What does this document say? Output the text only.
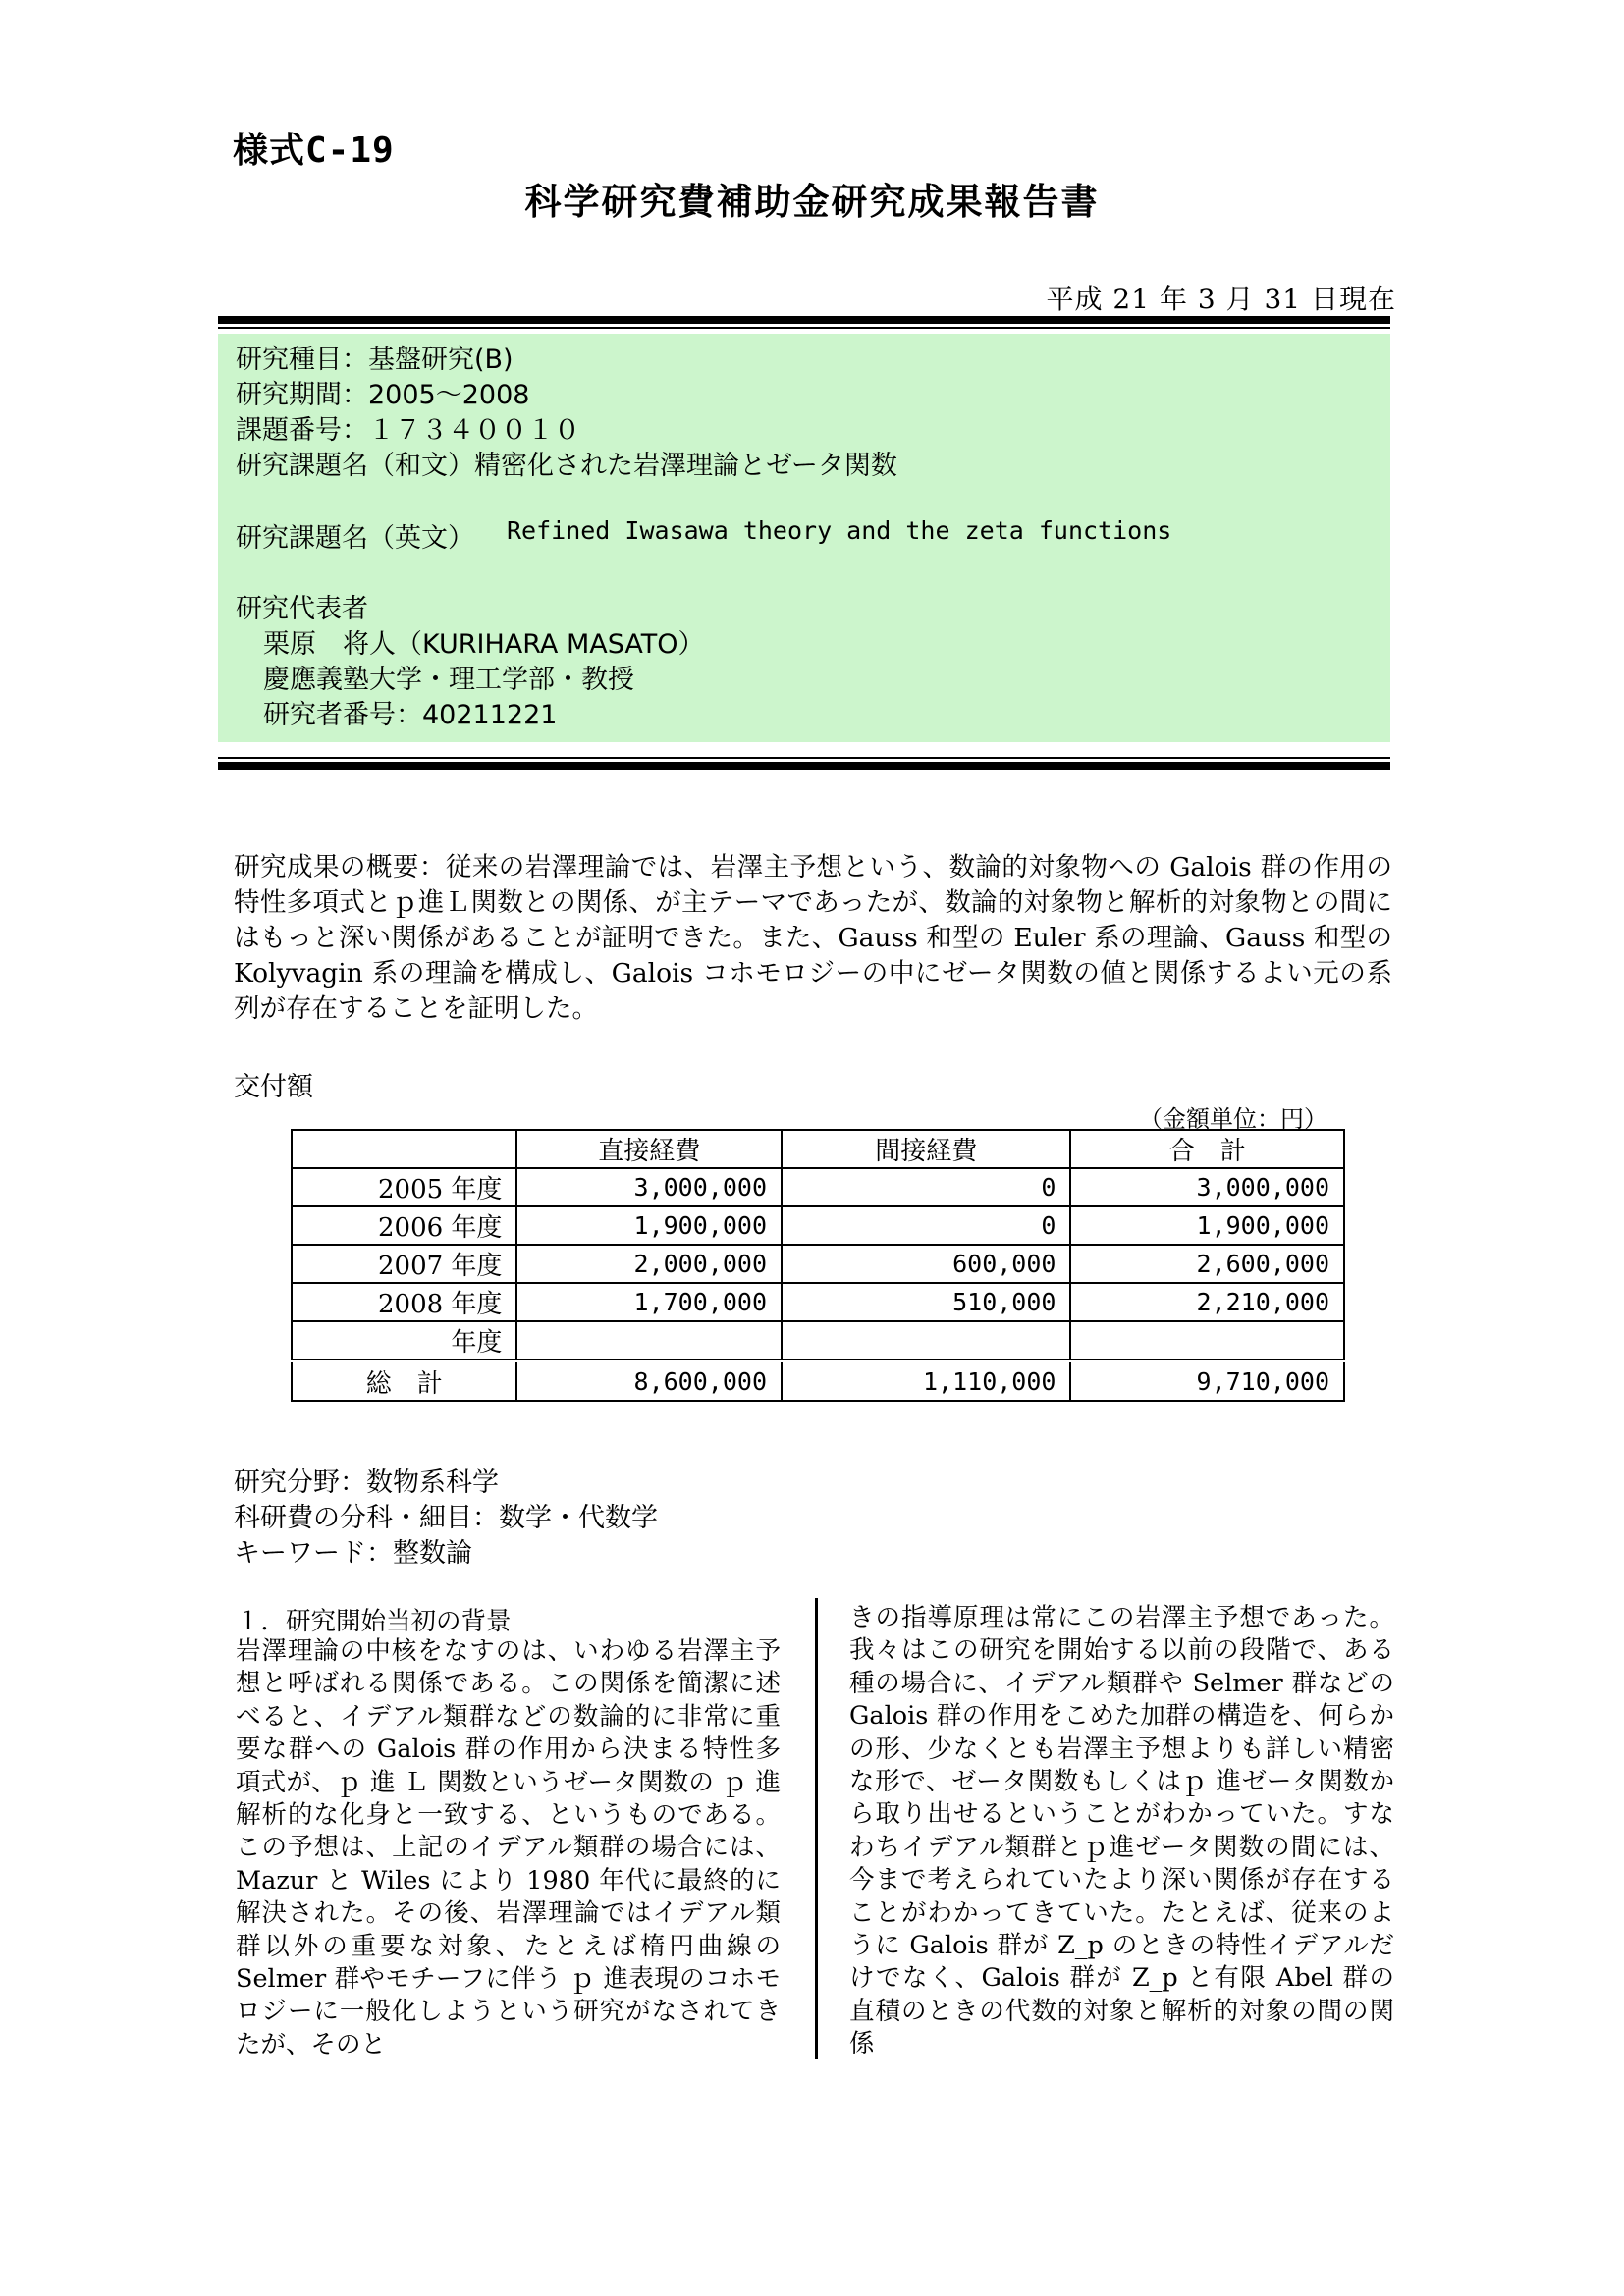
様式C-19
科学研究費補助金研究成果報告書
平成 21 年 3 月 31 日現在
研究種目：基盤研究(B)
研究期間：2005～2008
課題番号：１７３４００１０
研究課題名（和文）精密化された岩澤理論とゼータ関数
研究課題名（英文） Refined Iwasawa theory and the zeta functions
研究代表者
栗原　将人（KURIHARA MASATO）
慶應義塾大学・理工学部・教授
研究者番号：40211221
研究成果の概要：従来の岩澤理論では、岩澤主予想という、数論的対象物への Galois 群の作用の特性多項式とｐ進Ｌ関数との関係、が主テーマであったが、数論的対象物と解析的対象物との間にはもっと深い関係があることが証明できた。また、Gauss 和型の Euler 系の理論、Gauss 和型の Kolyvagin 系の理論を構成し、Galois コホモロジーの中にゼータ関数の値と関係するよい元の系列が存在することを証明した。
交付額
（金額単位：円）
	直接経費	間接経費	合　計
2005 年度	3,000,000	0	3,000,000
2006 年度	1,900,000	0	1,900,000
2007 年度	2,000,000	600,000	2,600,000
2008 年度	1,700,000	510,000	2,210,000
年度			
総　計	8,600,000	1,110,000	9,710,000
研究分野：数物系科学
科研費の分科・細目：数学・代数学
キーワード：整数論
１．研究開始当初の背景
岩澤理論の中核をなすのは、いわゆる岩澤主予想と呼ばれる関係である。この関係を簡潔に述べると、イデアル類群などの数論的に非常に重要な群への Galois 群の作用から決まる特性多項式が、ｐ 進 Ｌ 関数というゼータ関数の ｐ 進解析的な化身と一致する、というものである。この予想は、上記のイデアル類群の場合には、Mazur と Wiles により 1980 年代に最終的に解決された。その後、岩澤理論ではイデアル類群以外の重要な対象、たとえば楕円曲線の Selmer 群やモチーフに伴う ｐ 進表現のコホモロジーに一般化しようという研究がなされてきたが、そのと
きの指導原理は常にこの岩澤主予想であった。我々はこの研究を開始する以前の段階で、ある種の場合に、イデアル類群や Selmer 群などの Galois 群の作用をこめた加群の構造を、何らかの形、少なくとも岩澤主予想よりも詳しい精密な形で、ゼータ関数もしくはｐ 進ゼータ関数から取り出せるということがわかっていた。すなわちイデアル類群とｐ進ゼータ関数の間には、今まで考えられていたより深い関係が存在することがわかってきていた。たとえば、従来のように Galois 群が Z_p のときの特性イデアルだけでなく、Galois 群が Z_p と有限 Abel 群の直積のときの代数的対象と解析的対象の間の関係
